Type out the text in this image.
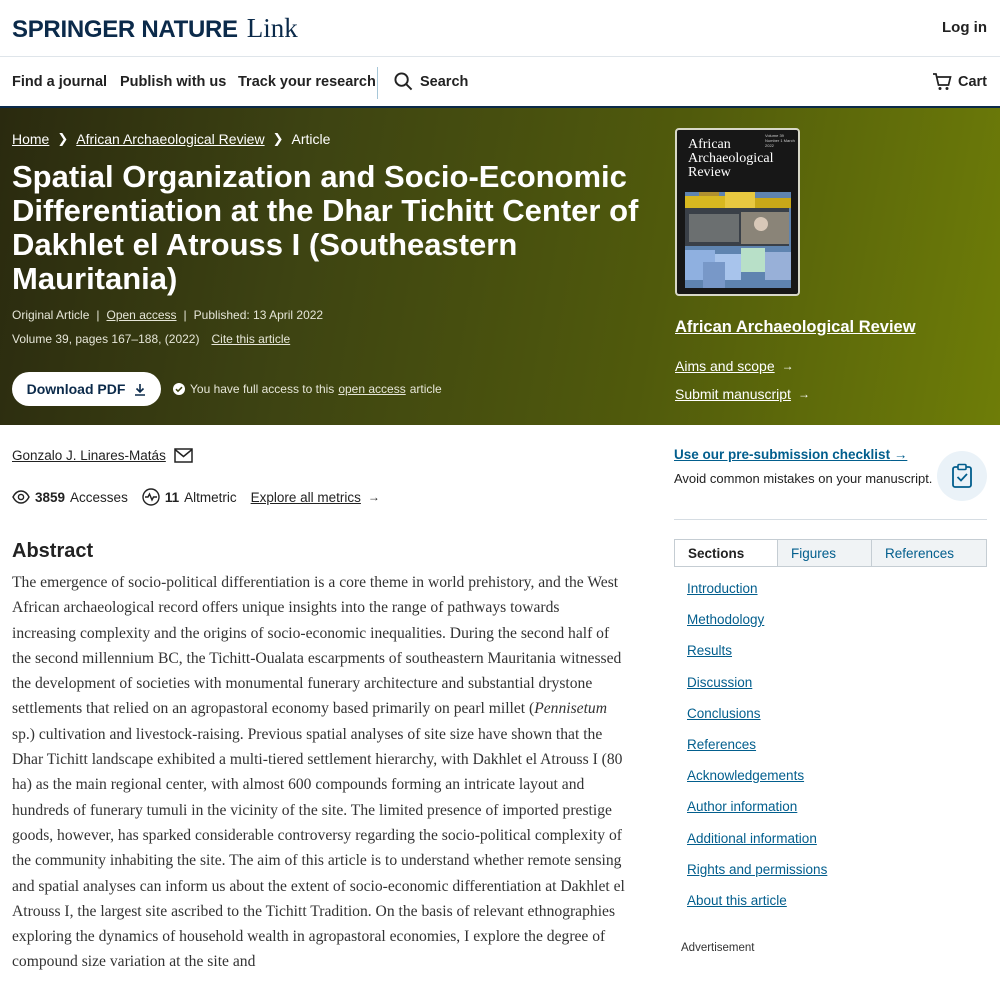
SPRINGER NATURE Link	Log in
Find a journal Publish with us Track your research	Search	Cart
Home ❯ African Archaeological Review ❯ Article
Spatial Organization and Socio-Economic Differentiation at the Dhar Tichitt Center of Dakhlet el Atrouss I (Southeastern Mauritania)
Original Article | Open access | Published: 13 April 2022
Volume 39, pages 167–188, (2022) Cite this article
Download PDF	You have full access to this open access article
Volume 39 Number 1 March 2022
African Archaeological Review
African Archaeological Review
Aims and scope →
Submit manuscript →
Gonzalo J. Linares-Matás
3859 Accesses	11 Altmetric Explore all metrics →
Abstract

The emergence of socio-political differentiation is a core theme in world prehistory, and the West African archaeological record offers unique insights into the range of pathways towards increasing complexity and the origins of socio-economic inequalities. During the second half of the second millennium BC, the Tichitt-Oualata escarpments of southeastern Mauritania witnessed the development of societies with monumental funerary architecture and substantial drystone settlements that relied on an agropastoral economy based primarily on pearl millet (Pennisetum sp.) cultivation and livestock-raising. Previous spatial analyses of site size have shown that the Dhar Tichitt landscape exhibited a multi-tiered settlement hierarchy, with Dakhlet el Atrouss I (80 ha) as the main regional center, with almost 600 compounds forming an intricate layout and hundreds of funerary tumuli in the vicinity of the site. The limited presence of imported prestige goods, however, has sparked considerable controversy regarding the socio-political complexity of the community inhabiting the site. The aim of this article is to understand whether remote sensing and spatial analyses can inform us about the extent of socio-economic differentiation at Dakhlet el Atrouss I, the largest site ascribed to the Tichitt Tradition. On the basis of relevant ethnographies exploring the dynamics of household wealth in agropastoral economies, I explore the degree of compound size variation at the site and

Use our pre-submission checklist →
Avoid common mistakes on your manuscript.
Sections	Figures	References
Introduction
Methodology
Results
Discussion
Conclusions
References
Acknowledgements
Author information
Additional information
Rights and permissions
About this article
Advertisement
